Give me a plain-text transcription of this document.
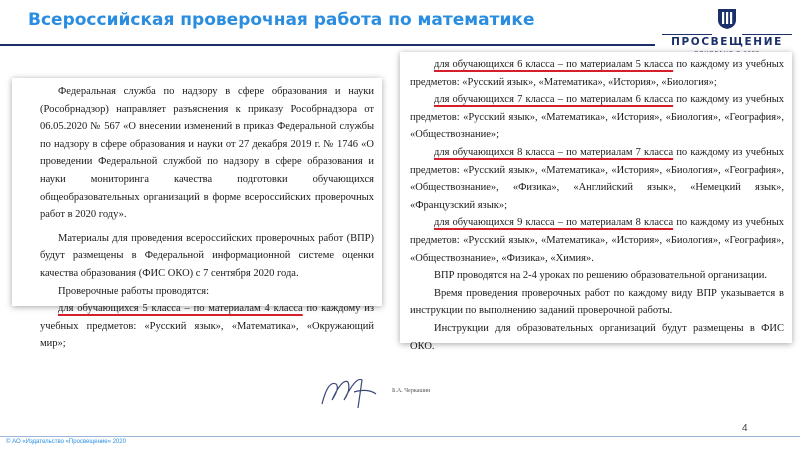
Всероссийская проверочная работа по математике
ПРОСВЕЩЕНИЕ

Федеральная служба по надзору в сфере образования и науки (Рособрнадзор) направляет разъяснения к приказу Рособрнадзора от 06.05.2020 № 567 «О внесении изменений в приказ Федеральной службы по надзору в сфере образования и науки от 27 декабря 2019 г. № 1746 «О проведении Федеральной службой по надзору в сфере образования и науки мониторинга качества подготовки обучающихся общеобразовательных организаций в форме всероссийских проверочных работ в 2020 году».

Материалы для проведения всероссийских проверочных работ (ВПР) будут размещены в Федеральной информационной системе оценки качества образования (ФИС ОКО) с 7 сентября 2020 года.

Проверочные работы проводятся:

для обучающихся 5 класса – по материалам 4 класса по каждому из учебных предметов: «Русский язык», «Математика», «Окружающий мир»;

для обучающихся 6 класса – по материалам 5 класса по каждому из учебных предметов: «Русский язык», «Математика», «История», «Биология»;

для обучающихся 7 класса – по материалам 6 класса по каждому из учебных предметов: «Русский язык», «Математика», «История», «Биология», «География», «Обществознание»;

для обучающихся 8 класса – по материалам 7 класса по каждому из учебных предметов: «Русский язык», «Математика», «История», «Биология», «География», «Обществознание», «Физика», «Английский язык», «Немецкий язык», «Французский язык»;

для обучающихся 9 класса – по материалам 8 класса по каждому из учебных предметов: «Русский язык», «Математика», «История», «Биология», «География», «Обществознание», «Физика», «Химия».

ВПР проводятся на 2-4 уроках по решению образовательной организации.

Время проведения проверочных работ по каждому виду ВПР указывается в инструкции по выполнению заданий проверочной работы.

Инструкции для образовательных организаций будут размещены в ФИС ОКО.

Б.А. Черкашин
4
© АО «Издательство «Просвещение» 2020
